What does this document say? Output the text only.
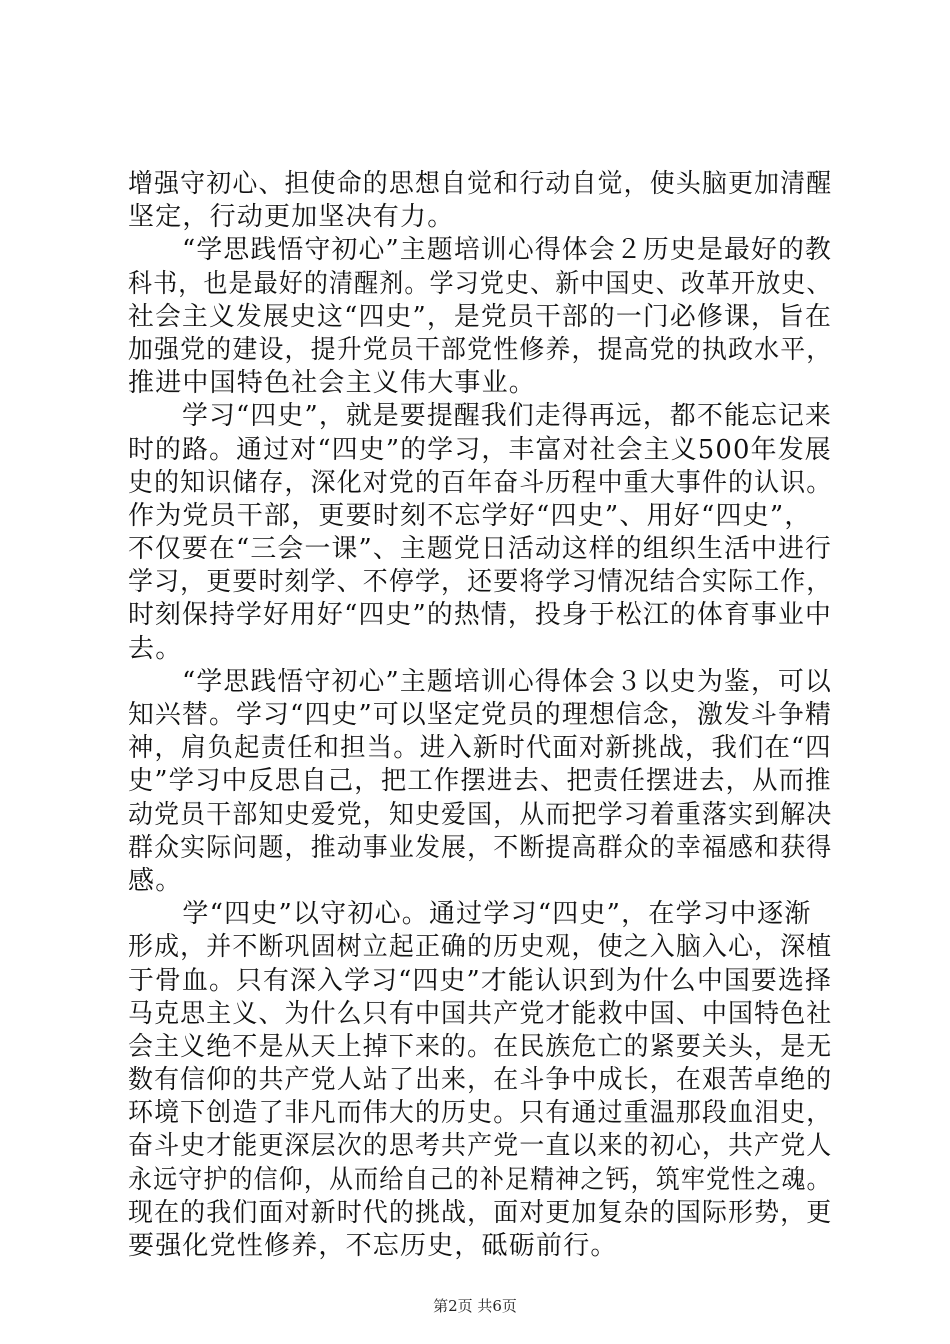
增强守初心、担使命的思想自觉和行动自觉，使头脑更加清醒
坚定，行动更加坚决有力。
　　“学思践悟守初心”主题培训心得体会２历史是最好的教
科书，也是最好的清醒剂。学习党史、新中国史、改革开放史、
社会主义发展史这“四史”，是党员干部的一门必修课，旨在
加强党的建设，提升党员干部党性修养，提高党的执政水平，
推进中国特色社会主义伟大事业。
　　学习“四史”，就是要提醒我们走得再远，都不能忘记来
时的路。通过对“四史”的学习，丰富对社会主义500年发展
史的知识储存，深化对党的百年奋斗历程中重大事件的认识。
作为党员干部，更要时刻不忘学好“四史”、用好“四史”，
不仅要在“三会一课”、主题党日活动这样的组织生活中进行
学习，更要时刻学、不停学，还要将学习情况结合实际工作，
时刻保持学好用好“四史”的热情，投身于松江的体育事业中
去。
　　“学思践悟守初心”主题培训心得体会３以史为鉴，可以
知兴替。学习“四史”可以坚定党员的理想信念，激发斗争精
神，肩负起责任和担当。进入新时代面对新挑战，我们在“四
史”学习中反思自己，把工作摆进去、把责任摆进去，从而推
动党员干部知史爱党，知史爱国，从而把学习着重落实到解决
群众实际问题，推动事业发展，不断提高群众的幸福感和获得
感。
　　学“四史”以守初心。通过学习“四史”，在学习中逐渐
形成，并不断巩固树立起正确的历史观，使之入脑入心，深植
于骨血。只有深入学习“四史”才能认识到为什么中国要选择
马克思主义、为什么只有中国共产党才能救中国、中国特色社
会主义绝不是从天上掉下来的。在民族危亡的紧要关头，是无
数有信仰的共产党人站了出来，在斗争中成长，在艰苦卓绝的
环境下创造了非凡而伟大的历史。只有通过重温那段血泪史，
奋斗史才能更深层次的思考共产党一直以来的初心，共产党人
永远守护的信仰，从而给自己的补足精神之钙，筑牢党性之魂。
现在的我们面对新时代的挑战，面对更加复杂的国际形势，更
要强化党性修养，不忘历史，砥砺前行。
第2页 共6页
